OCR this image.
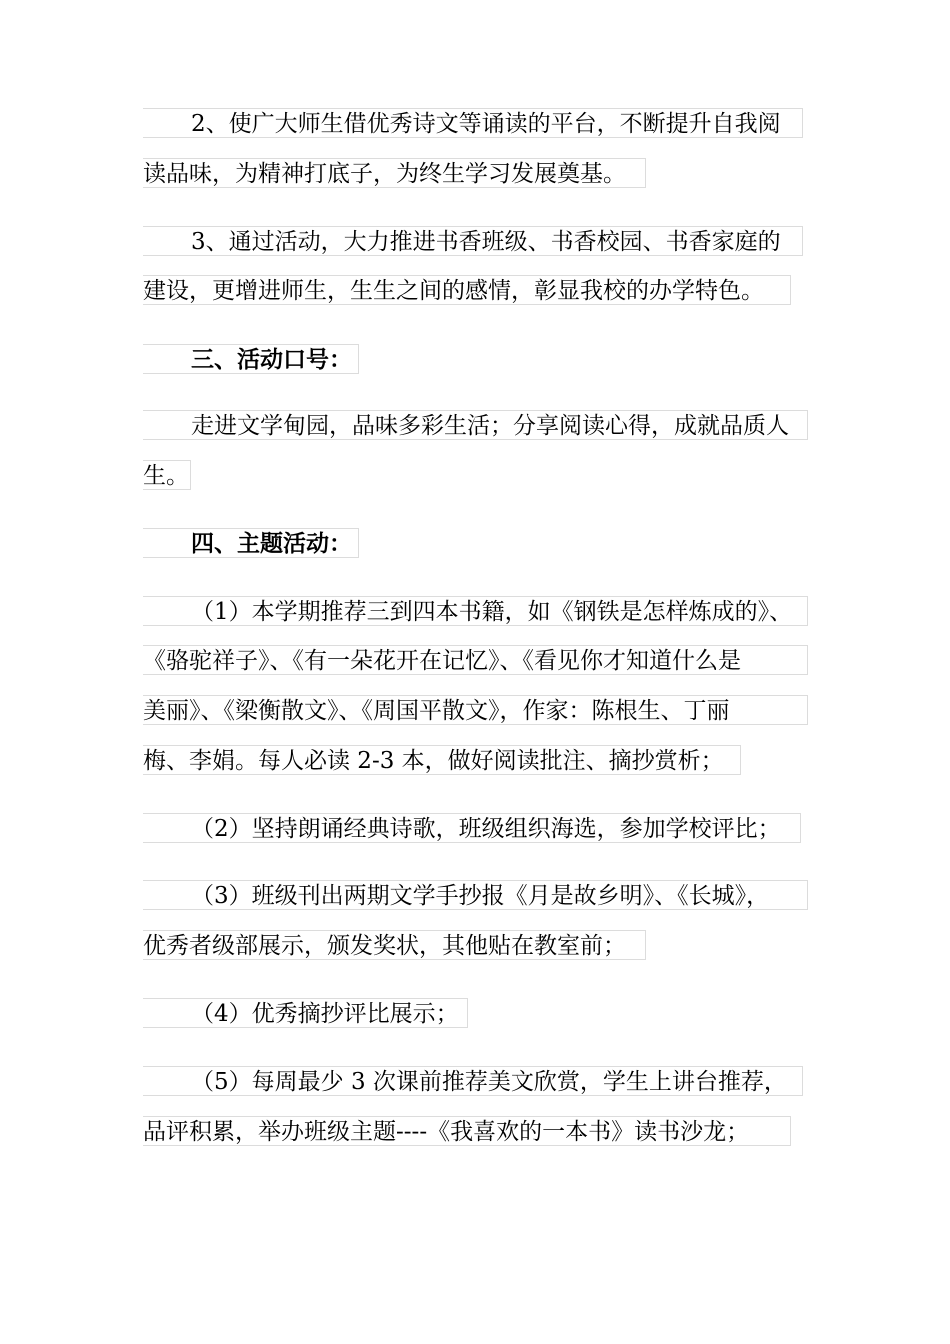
2、使广大师生借优秀诗文等诵读的平台，不断提升自我阅
读品味，为精神打底子，为终生学习发展奠基。
3、通过活动，大力推进书香班级、书香校园、书香家庭的
建设，更增进师生，生生之间的感情，彰显我校的办学特色。
三、活动口号：
走进文学甸园，品味多彩生活；分享阅读心得，成就品质人
生。
四、主题活动：
（1）本学期推荐三到四本书籍，如《钢铁是怎样炼成的》、
《骆驼祥子》、《有一朵花开在记忆》、《看见你才知道什么是
美丽》、《梁衡散文》、《周国平散文》，作家：陈根生、丁丽
梅、李娟。每人必读 2-3 本，做好阅读批注、摘抄赏析；
（2）坚持朗诵经典诗歌，班级组织海选，参加学校评比；
（3）班级刊出两期文学手抄报《月是故乡明》、《长城》，
优秀者级部展示，颁发奖状，其他贴在教室前；
（4）优秀摘抄评比展示；
（5）每周最少 3 次课前推荐美文欣赏，学生上讲台推荐，
品评积累，举办班级主题----《我喜欢的一本书》读书沙龙；
